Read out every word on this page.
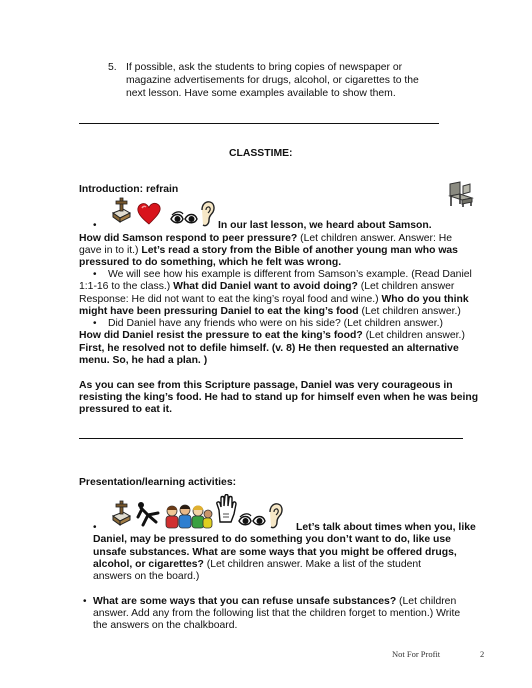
5. If possible, ask the students to bring copies of newspaper or
magazine advertisements for drugs, alcohol, or cigarettes to the
next lesson. Have some examples available to show them.
CLASSTIME:
Introduction: refrain
•	In our last lesson, we heard about Samson.
How did Samson respond to peer pressure? (Let children answer. Answer: He
gave in to it.) Let’s read a story from the Bible of another young man who was
pressured to do something, which he felt was wrong.
• We will see how his example is different from Samson’s example. (Read Daniel
1:1-16 to the class.) What did Daniel want to avoid doing? (Let children answer
Response: He did not want to eat the king’s royal food and wine.) Who do you think
might have been pressuring Daniel to eat the king’s food (Let children answer.)
• Did Daniel have any friends who were on his side? (Let children answer.)
How did Daniel resist the pressure to eat the king’s food? (Let children answer.)
First, he resolved not to defile himself. (v. 8) He then requested an alternative
menu. So, he had a plan. )
As you can see from this Scripture passage, Daniel was very courageous in
resisting the king’s food. He had to stand up for himself even when he was being
pressured to eat it.
Presentation/learning activities:
•	Let’s talk about times when you, like
Daniel, may be pressured to do something you don’t want to do, like use
unsafe substances. What are some ways that you might be offered drugs,
alcohol, or cigarettes? (Let children answer. Make a list of the student
answers on the board.)
• What are some ways that you can refuse unsafe substances? (Let children
answer. Add any from the following list that the children forget to mention.) Write
the answers on the chalkboard.
Not For Profit	2
